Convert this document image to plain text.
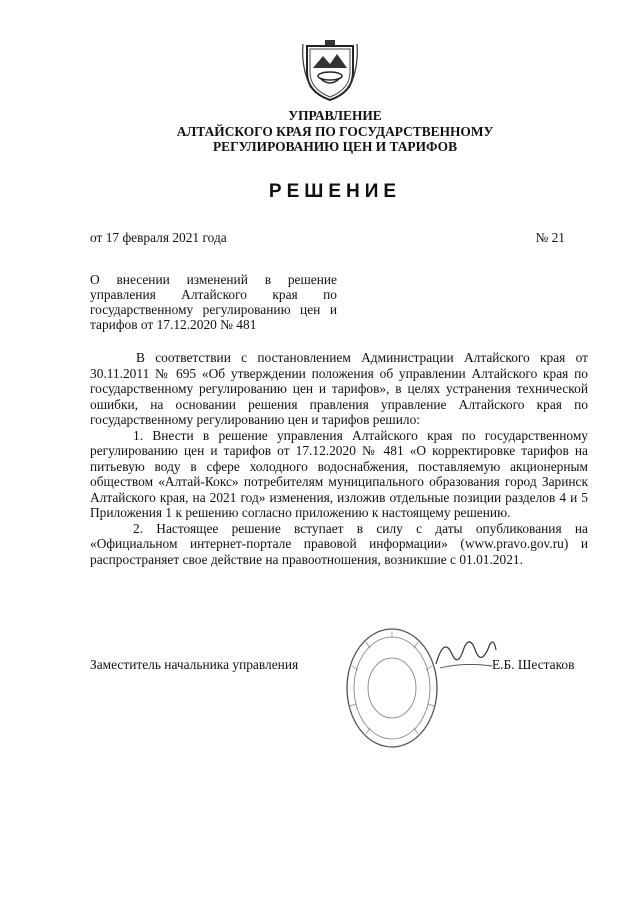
УПРАВЛЕНИЕ
АЛТАЙСКОГО КРАЯ ПО ГОСУДАРСТВЕННОМУ
РЕГУЛИРОВАНИЮ ЦЕН И ТАРИФОВ
РЕШЕНИЕ
от 17 февраля 2021 года	№ 21
О внесении изменений в решение управления Алтайского края по государственному регулированию цен и тарифов от 17.12.2020 № 481

В соответствии с постановлением Администрации Алтайского края от 30.11.2011 № 695 «Об утверждении положения об управлении Алтайского края по государственному регулированию цен и тарифов», в целях устранения технической ошибки, на основании решения правления управление Алтайского края по государственному регулированию цен и тарифов решило:

1. Внести в решение управления Алтайского края по государственному регулированию цен и тарифов от 17.12.2020 № 481 «О корректировке тарифов на питьевую воду в сфере холодного водоснабжения, поставляемую акционерным обществом «Алтай-Кокс» потребителям муниципального образования город Заринск Алтайского края, на 2021 год» изменения, изложив отдельные позиции разделов 4 и 5 Приложения 1 к решению согласно приложению к настоящему решению.

2. Настоящее решение вступает в силу с даты опубликования на «Официальном интернет-портале правовой информации» (www.pravo.gov.ru) и распространяет свое действие на правоотношения, возникшие с 01.01.2021.

Заместитель начальника управления	Е.Б. Шестаков
